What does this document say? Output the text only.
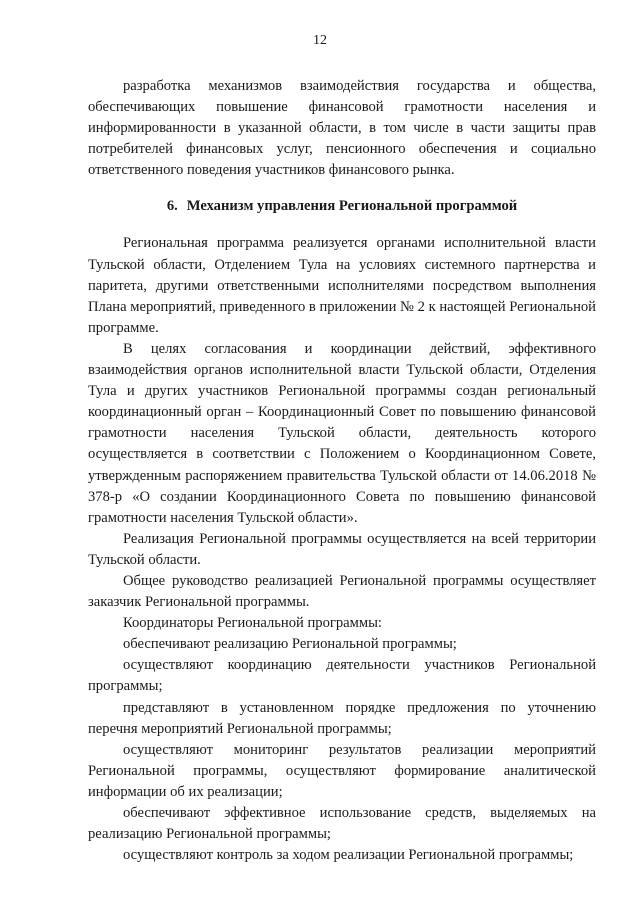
12

разработка механизмов взаимодействия государства и общества, обеспечивающих повышение финансовой грамотности населения и информированности в указанной области, в том числе в части защиты прав потребителей финансовых услуг, пенсионного обеспечения и социально ответственного поведения участников финансового рынка.

6. Механизм управления Региональной программой

Региональная программа реализуется органами исполнительной власти Тульской области, Отделением Тула на условиях системного партнерства и паритета, другими ответственными исполнителями посредством выполнения Плана мероприятий, приведенного в приложении № 2 к настоящей Региональной программе.

В целях согласования и координации действий, эффективного взаимодействия органов исполнительной власти Тульской области, Отделения Тула и других участников Региональной программы создан региональный координационный орган – Координационный Совет по повышению финансовой грамотности населения Тульской области, деятельность которого осуществляется в соответствии с Положением о Координационном Совете, утвержденным распоряжением правительства Тульской области от 14.06.2018 № 378-р «О создании Координационного Совета по повышению финансовой грамотности населения Тульской области».

Реализация Региональной программы осуществляется на всей территории Тульской области.

Общее руководство реализацией Региональной программы осуществляет заказчик Региональной программы.

Координаторы Региональной программы:

обеспечивают реализацию Региональной программы;

осуществляют координацию деятельности участников Региональной программы;

представляют в установленном порядке предложения по уточнению перечня мероприятий Региональной программы;

осуществляют мониторинг результатов реализации мероприятий Региональной программы, осуществляют формирование аналитической информации об их реализации;

обеспечивают эффективное использование средств, выделяемых на реализацию Региональной программы;

осуществляют контроль за ходом реализации Региональной программы;
